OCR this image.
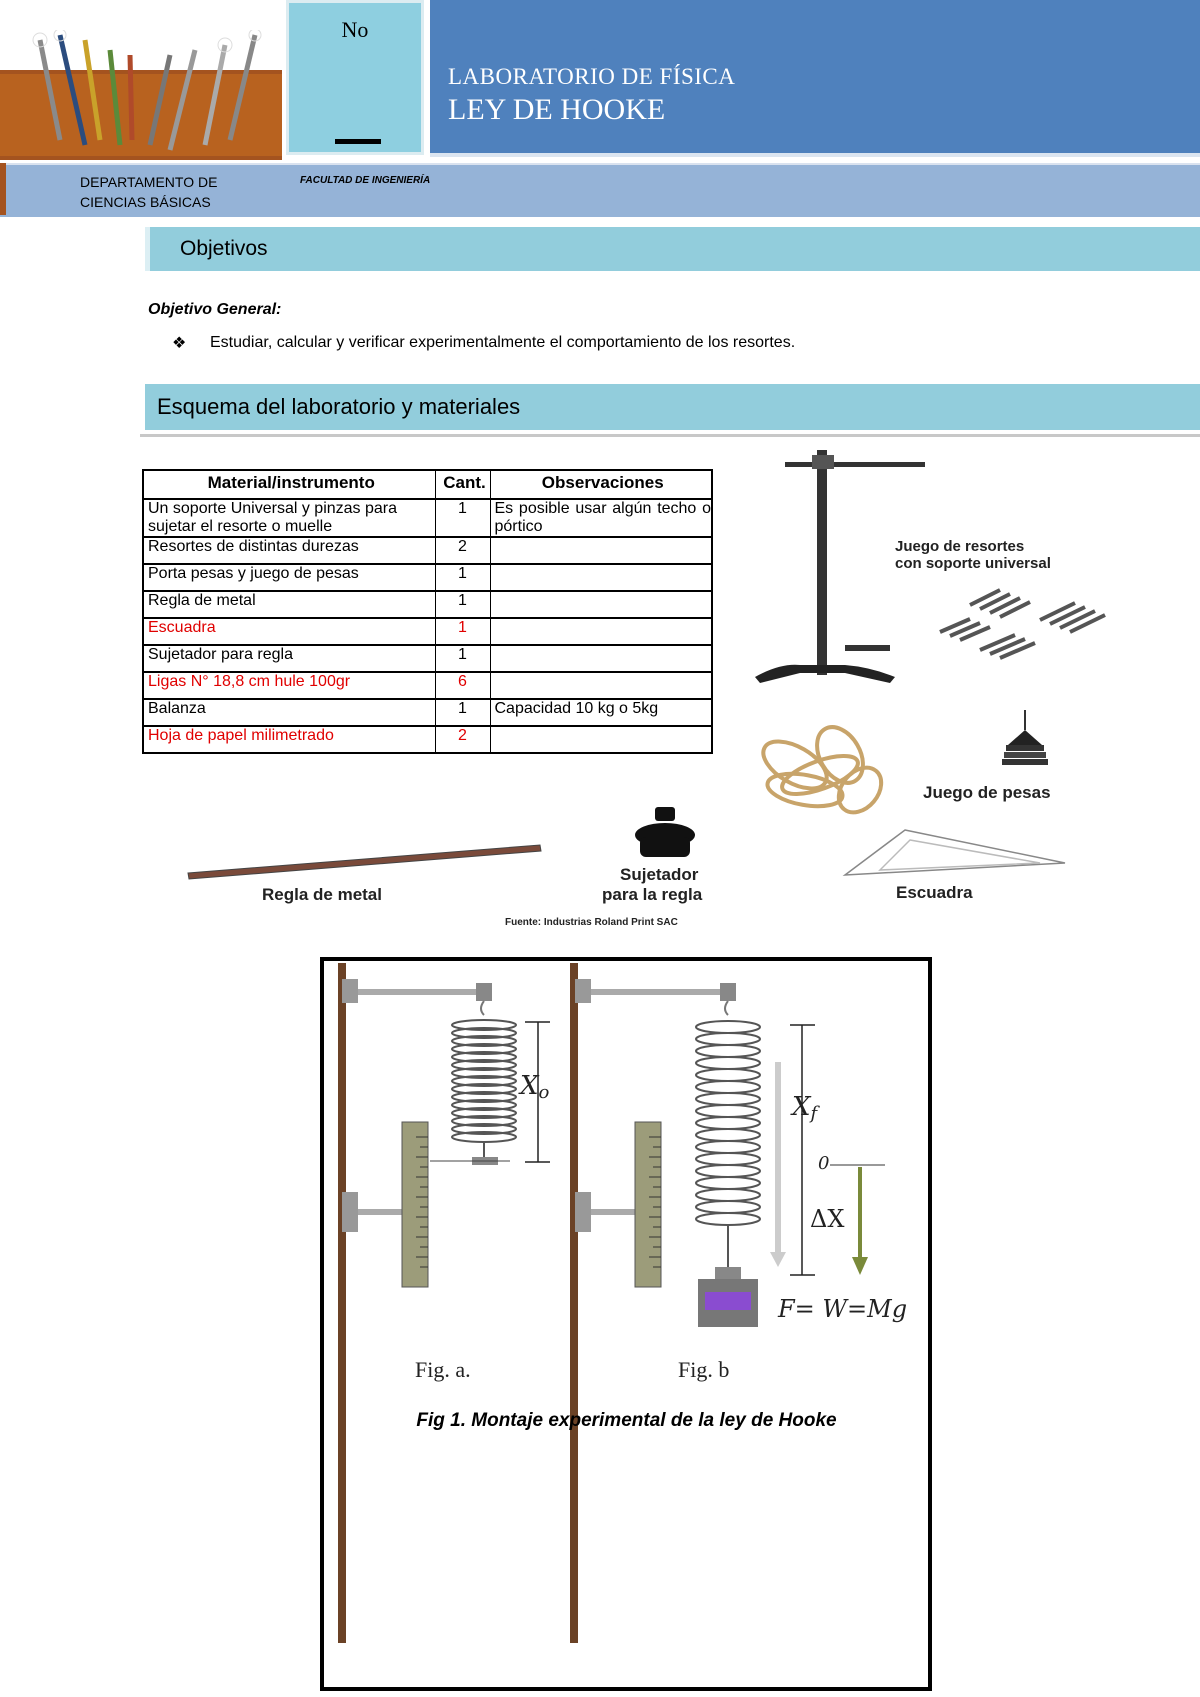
No
LABORATORIO DE FÍSICA
LEY DE HOOKE
DEPARTAMENTO DE
CIENCIAS BÁSICAS
FACULTAD DE INGENIERÍA
Objetivos
Objetivo General:
❖ Estudiar, calcular y verificar experimentalmente el comportamiento de los resortes.
Esquema del laboratorio y materiales
Material/instrumento	Cant.	Observaciones
Un soporte Universal y pinzas para sujetar el resorte o muelle	1	Es posible usar algún techo o pórtico
Resortes de distintas durezas	2	
Porta pesas y juego de pesas	1	
Regla de metal	1	
Escuadra	1	
Sujetador para regla	1	
Ligas N° 18,8 cm hule 100gr	6	
Balanza	1	Capacidad 10 kg o 5kg
Hoja de papel milimetrado	2	
Juego de resortes
con soporte universal
Juego de pesas
Regla de metal
Sujetador
para la regla	Escuadra
Fuente: Industrias Roland Print SAC
Xo
Fig. a.
Xf
0
ΔX
F= W=Mg
Fig. b
Fig 1. Montaje experimental de la ley de Hooke
